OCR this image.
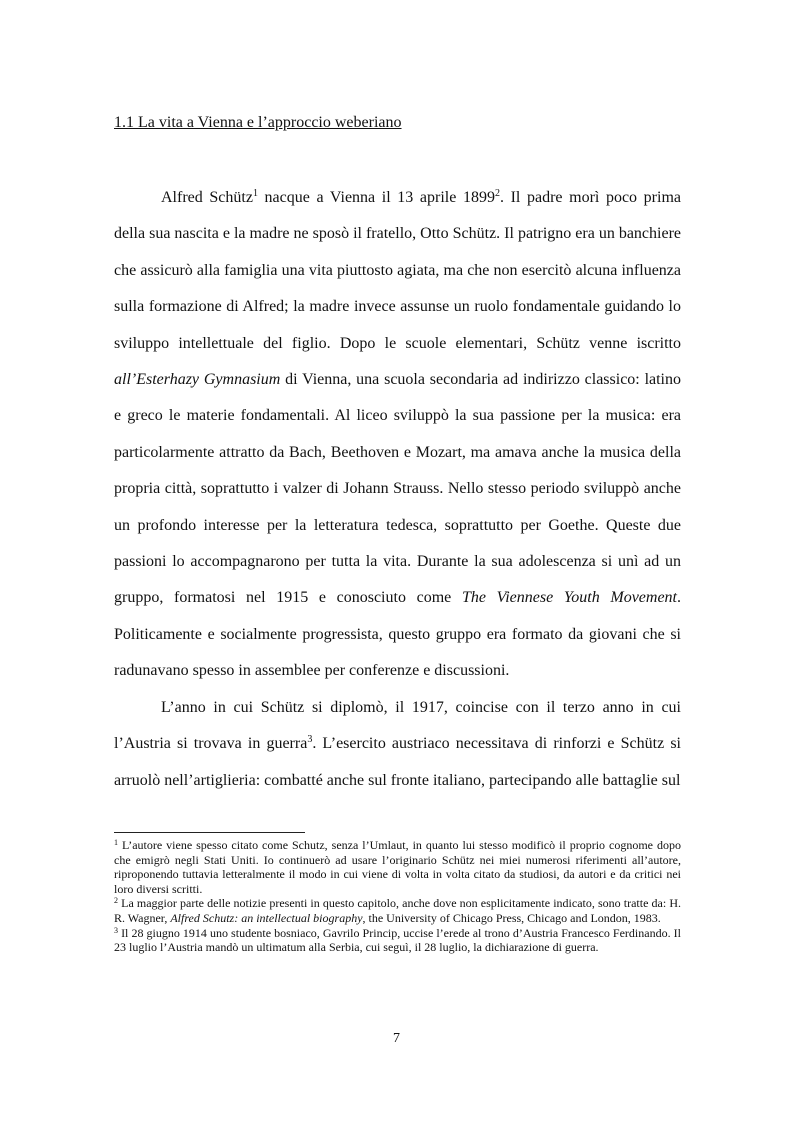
1.1 La vita a Vienna e l’approccio weberiano

Alfred Schütz$^1$ nacque a Vienna il 13 aprile 1899$^2$. Il padre morì poco prima della sua nascita e la madre ne sposò il fratello, Otto Schütz. Il patrigno era un banchiere che assicurò alla famiglia una vita piuttosto agiata, ma che non esercitò alcuna influenza sulla formazione di Alfred; la madre invece assunse un ruolo fondamentale guidando lo sviluppo intellettuale del figlio. Dopo le scuole elementari, Schütz venne iscritto all’Esterhazy Gymnasium di Vienna, una scuola secondaria ad indirizzo classico: latino e greco le materie fondamentali. Al liceo sviluppò la sua passione per la musica: era particolarmente attratto da Bach, Beethoven e Mozart, ma amava anche la musica della propria città, soprattutto i valzer di Johann Strauss. Nello stesso periodo sviluppò anche un profondo interesse per la letteratura tedesca, soprattutto per Goethe. Queste due passioni lo accompagnarono per tutta la vita. Durante la sua adolescenza si unì ad un gruppo, formatosi nel 1915 e conosciuto come The Viennese Youth Movement. Politicamente e socialmente progressista, questo gruppo era formato da giovani che si radunavano spesso in assemblee per conferenze e discussioni.

L’anno in cui Schütz si diplomò, il 1917, coincise con il terzo anno in cui l’Austria si trovava in guerra$^3$. L’esercito austriaco necessitava di rinforzi e Schütz si arruolò nell’artiglieria: combatté anche sul fronte italiano, partecipando alle battaglie sul

$^1$ L’autore viene spesso citato come Schutz, senza l’Umlaut, in quanto lui stesso modificò il proprio cognome dopo che emigrò negli Stati Uniti. Io continuerò ad usare l’originario Schütz nei miei numerosi riferimenti all’autore, riproponendo tuttavia letteralmente il modo in cui viene di volta in volta citato da studiosi, da autori e da critici nei loro diversi scritti.

$^2$ La maggior parte delle notizie presenti in questo capitolo, anche dove non esplicitamente indicato, sono tratte da: H. R. Wagner, Alfred Schutz: an intellectual biography, the University of Chicago Press, Chicago and London, 1983.

$^3$ Il 28 giugno 1914 uno studente bosniaco, Gavrilo Princip, uccise l’erede al trono d’Austria Francesco Ferdinando. Il 23 luglio l’Austria mandò un ultimatum alla Serbia, cui seguì, il 28 luglio, la dichiarazione di guerra.

7
